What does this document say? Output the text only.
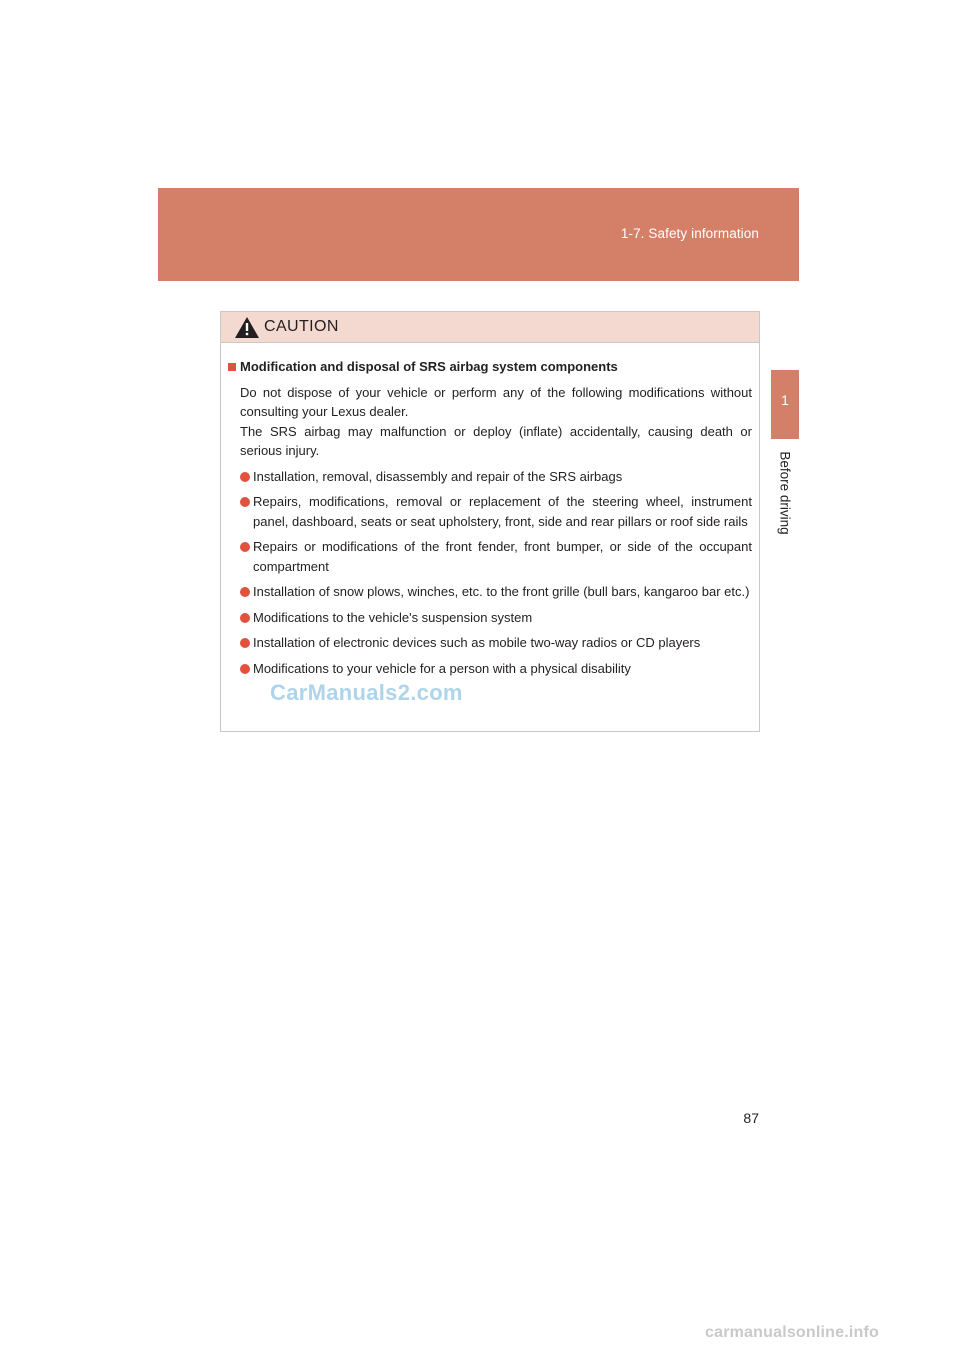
1-7. Safety information
1
Before driving
CAUTION
Modification and disposal of SRS airbag system components

Do not dispose of your vehicle or perform any of the following modifications without consulting your Lexus dealer.

The SRS airbag may malfunction or deploy (inflate) accidentally, causing death or serious injury.

Installation, removal, disassembly and repair of the SRS airbags
Repairs, modifications, removal or replacement of the steering wheel, instrument panel, dashboard, seats or seat upholstery, front, side and rear pillars or roof side rails
Repairs or modifications of the front fender, front bumper, or side of the occupant compartment
Installation of snow plows, winches, etc. to the front grille (bull bars, kangaroo bar etc.)
Modifications to the vehicle's suspension system
Installation of electronic devices such as mobile two-way radios or CD players
Modifications to your vehicle for a person with a physical disability
CarManuals2.com
87
carmanualsonline.info
